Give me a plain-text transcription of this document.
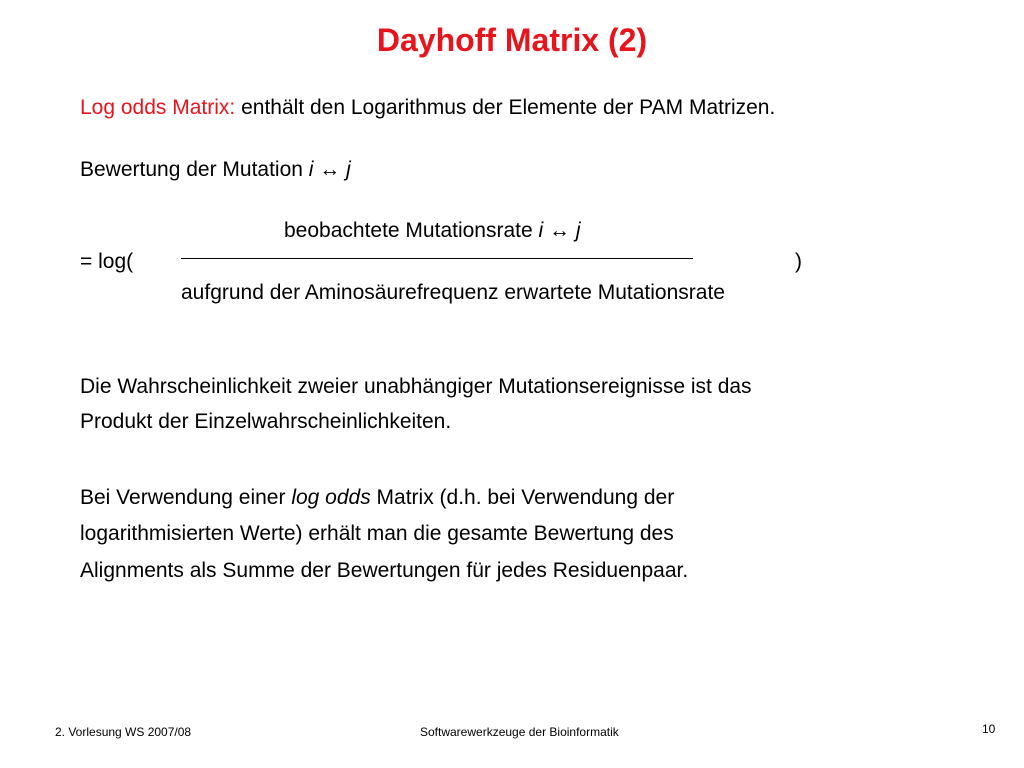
Dayhoff Matrix (2)
Log odds Matrix: enthält den Logarithmus der Elemente der PAM Matrizen.
Bewertung der Mutation i ↔ j
beobachtete Mutationsrate i ↔ j
= log(	)
aufgrund der Aminosäurefrequenz erwartete Mutationsrate
Die Wahrscheinlichkeit zweier unabhängiger Mutationsereignisse ist das
Produkt der Einzelwahrscheinlichkeiten.
Bei Verwendung einer log odds Matrix (d.h. bei Verwendung der
logarithmisierten Werte) erhält man die gesamte Bewertung des
Alignments als Summe der Bewertungen für jedes Residuenpaar.
2. Vorlesung WS 2007/08	Softwarewerkzeuge der Bioinformatik	10
